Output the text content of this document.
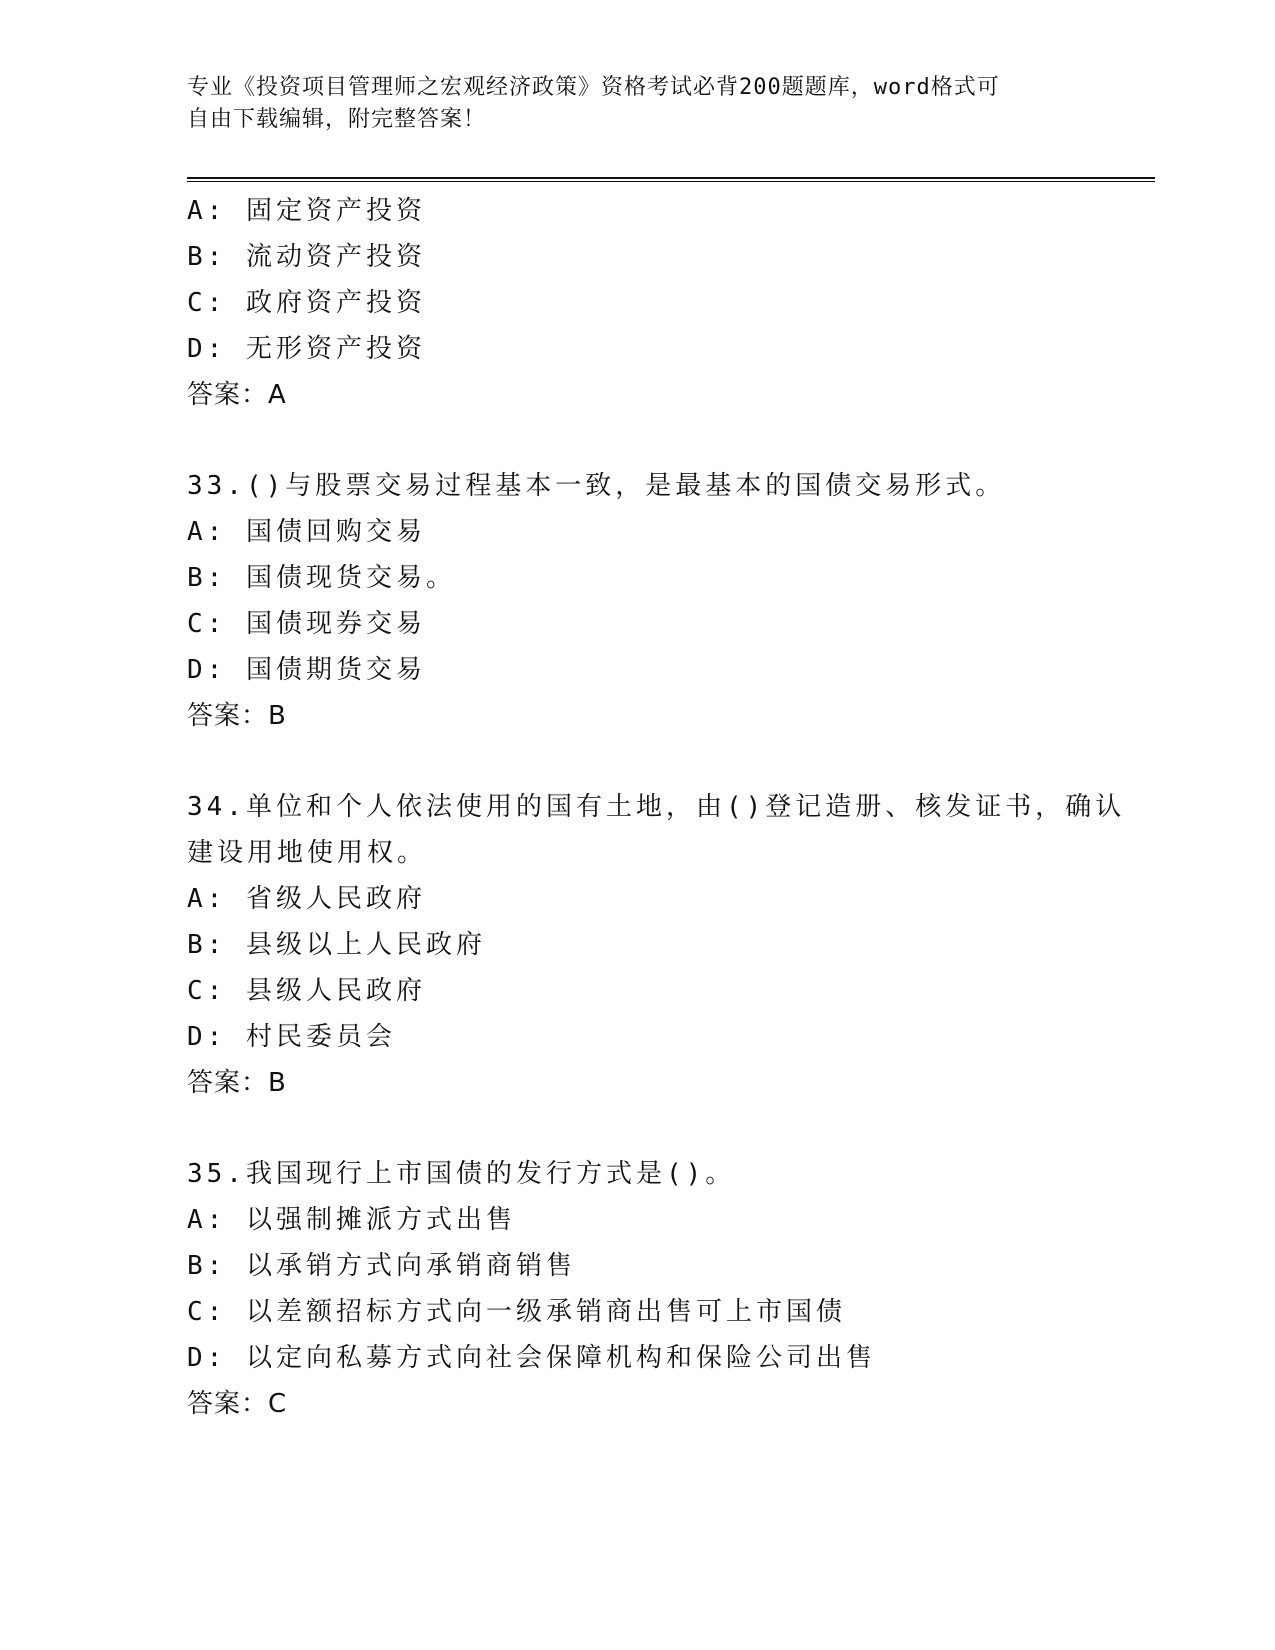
专业《投资项目管理师之宏观经济政策》资格考试必背200题题库，word格式可
自由下载编辑，附完整答案！
A: 固定资产投资
B: 流动资产投资
C: 政府资产投资
D: 无形资产投资
答案：A
33.()与股票交易过程基本一致，是最基本的国债交易形式。
A: 国债回购交易
B: 国债现货交易。
C: 国债现券交易
D: 国债期货交易
答案：B
34.单位和个人依法使用的国有土地，由()登记造册、核发证书，确认
建设用地使用权。
A: 省级人民政府
B: 县级以上人民政府
C: 县级人民政府
D: 村民委员会
答案：B
35.我国现行上市国债的发行方式是()。
A: 以强制摊派方式出售
B: 以承销方式向承销商销售
C: 以差额招标方式向一级承销商出售可上市国债
D: 以定向私募方式向社会保障机构和保险公司出售
答案：C
